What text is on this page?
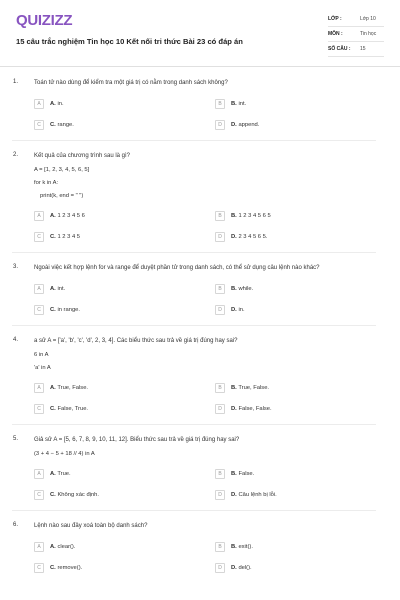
QUIZIZZ
15 câu trắc nghiệm Tin học 10 Kết nối tri thức Bài 23 có đáp án
LỚP :	Lớp 10
MÔN :	Tin học
SỐ CÂU :	15
1.	Toán tử nào dùng để kiểm tra một giá trị có nằm trong danh sách không?
A	A. in.	B	B. int.
C	C. range.	D	D. append.
2.	Kết quả của chương trình sau là gì?
A = [1, 2, 3, 4, 5, 6, 5]
for k in A:
print(k, end = " ")
A	A. 1 2 3 4 5 6	B	B. 1 2 3 4 5 6 5
C	C. 1 2 3 4 5	D	D. 2 3 4 5 6 5.
3.	Ngoài việc kết hợp lệnh for và range để duyệt phần tử trong danh sách, có thể sử dụng câu lệnh nào khác?
A	A. int.	B	B. while.
C	C. in range.	D	D. in.
4.	a sử A = ['a', 'b', 'c', 'd', 2, 3, 4]. Các biểu thức sau trả về giá trị đúng hay sai?
6 in A
'a' in A
A	A. True, False.	B	B. True, False.
C	C. False, True.	D	D. False, False.
5.	Giả sử A = [5, 6, 7, 8, 9, 10, 11, 12]. Biểu thức sau trả về giá trị đúng hay sai?
(3 + 4 − 5 + 18 // 4) in A
A	A. True.	B	B. False.
C	C. Không xác định.	D	D. Câu lệnh bị lỗi.
6.	Lệnh nào sau đây xoá toàn bộ danh sách?
A	A. clear().	B	B. exit().
C	C. remove().	D	D. del().
